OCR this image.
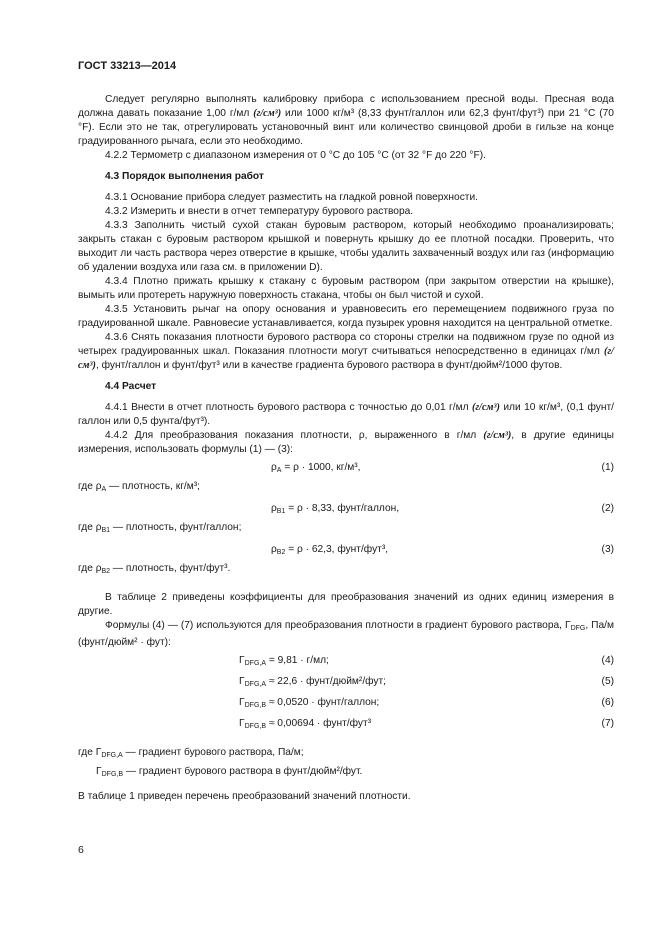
ГОСТ 33213—2014

Следует регулярно выполнять калибровку прибора с использованием пресной воды. Пресная вода должна давать показание 1,00 г/мл (г/см³) или 1000 кг/м³ (8,33 фунт/галлон или 62,3 фунт/фут³) при 21 °C (70 °F). Если это не так, отрегулировать установочный винт или количество свинцовой дроби в гильзе на конце градуированного рычага, если это необходимо.

4.2.2 Термометр с диапазоном измерения от 0 °C до 105 °C (от 32 °F до 220 °F).

4.3 Порядок выполнения работ

4.3.1 Основание прибора следует разместить на гладкой ровной поверхности.

4.3.2 Измерить и внести в отчет температуру бурового раствора.

4.3.3 Заполнить чистый сухой стакан буровым раствором, который необходимо проанализировать; закрыть стакан с буровым раствором крышкой и повернуть крышку до ее плотной посадки. Проверить, что выходит ли часть раствора через отверстие в крышке, чтобы удалить захваченный воздух или газ (информацию об удалении воздуха или газа см. в приложении D).

4.3.4 Плотно прижать крышку к стакану с буровым раствором (при закрытом отверстии на крышке), вымыть или протереть наружную поверхность стакана, чтобы он был чистой и сухой.

4.3.5 Установить рычаг на опору основания и уравновесить его перемещением подвижного груза по градуированной шкале. Равновесие устанавливается, когда пузырек уровня находится на центральной отметке.

4.3.6 Снять показания плотности бурового раствора со стороны стрелки на подвижном грузе по одной из четырех градуированных шкал. Показания плотности могут считываться непосредственно в единицах г/мл (г/см³), фунт/галлон и фунт/фут³ или в качестве градиента бурового раствора в фунт/дюйм²/1000 футов.

4.4 Расчет

4.4.1 Внести в отчет плотность бурового раствора с точностью до 0,01 г/мл (г/см³) или 10 кг/м³, (0,1 фунт/галлон или 0,5 фунта/фут³).

4.4.2 Для преобразования показания плотности, ρ, выраженного в г/мл (г/см³), в другие единицы измерения, использовать формулы (1) — (3):

$\rho_A = \rho \cdot 1000$, кг/м³,	(1)
где $\rho_A$ — плотность, кг/м³;
$\rho_{B1} = \rho \cdot 8,33$, фунт/галлон,	(2)
где $\rho_{B1}$ — плотность, фунт/галлон;
$\rho_{B2} = \rho \cdot 62,3$, фунт/фут³,	(3)
где $\rho_{B2}$ — плотность, фунт/фут³.

В таблице 2 приведены коэффициенты для преобразования значений из одних единиц измерения в другие.

Формулы (4) — (7) используются для преобразования плотности в градиент бурового раствора, $\Gamma_{DFG}$, Па/м (фунт/дюйм² · фут):

$\Gamma_{DFG,A} = 9,81 \cdot г/мл$;	(4)
$\Gamma_{DFG,A} \approx 22,6$ · фунт/дюйм²/фут;	(5)
$\Gamma_{DFG,B} \approx 0,0520$ · фунт/галлон;	(6)
$\Gamma_{DFG,B} \approx 0,00694$ · фунт/фут³	(7)
где $\Gamma_{DFG,A}$ — градиент бурового раствора, Па/м;
$\Gamma_{DFG,B}$ — градиент бурового раствора в фунт/дюйм²/фут.

В таблице 1 приведен перечень преобразований значений плотности.

6
